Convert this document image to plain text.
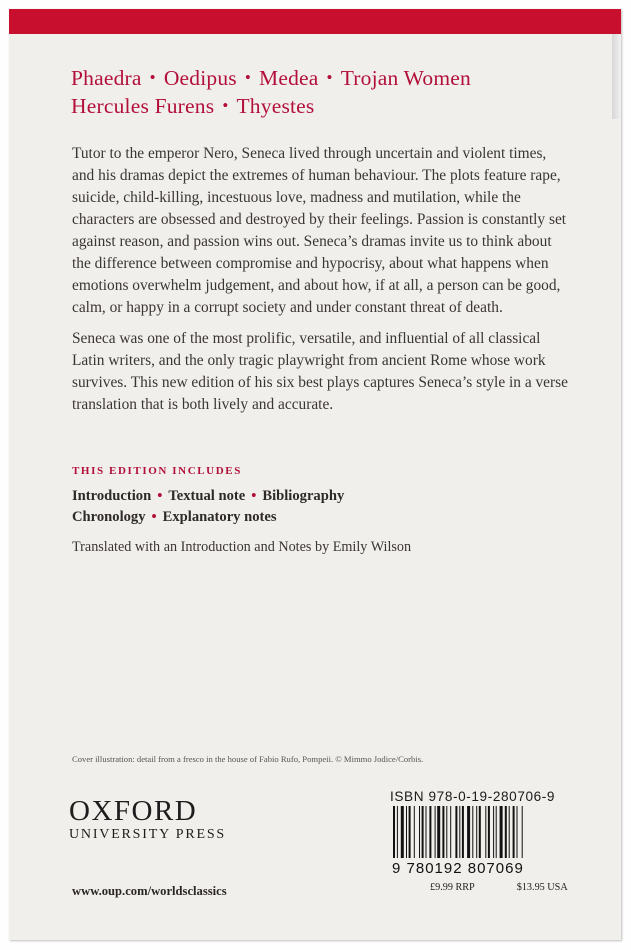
Phaedra • Oedipus • Medea • Trojan Women
Hercules Furens • Thyestes

Tutor to the emperor Nero, Seneca lived through uncertain and violent times, and his dramas depict the extremes of human behaviour. The plots feature rape, suicide, child-killing, incestuous love, madness and mutilation, while the characters are obsessed and destroyed by their feelings. Passion is constantly set against reason, and passion wins out. Seneca’s dramas invite us to think about the difference between compromise and hypocrisy, about what happens when emotions overwhelm judgement, and about how, if at all, a person can be good, calm, or happy in a corrupt society and under constant threat of death.

Seneca was one of the most prolific, versatile, and influential of all classical Latin writers, and the only tragic playwright from ancient Rome whose work survives. This new edition of his six best plays captures Seneca’s style in a verse translation that is both lively and accurate.

THIS EDITION INCLUDES
Introduction • Textual note • Bibliography
Chronology • Explanatory notes
Translated with an Introduction and Notes by Emily Wilson
Cover illustration: detail from a fresco in the house of Fabio Rufo, Pompeii. © Mimmo Jodice/Corbis.
OXFORD
UNIVERSITY PRESS
ISBN 978-0-19-280706-9
9 780192 807069
£9.99 RRP	$13.95 USA
www.oup.com/worldsclassics
